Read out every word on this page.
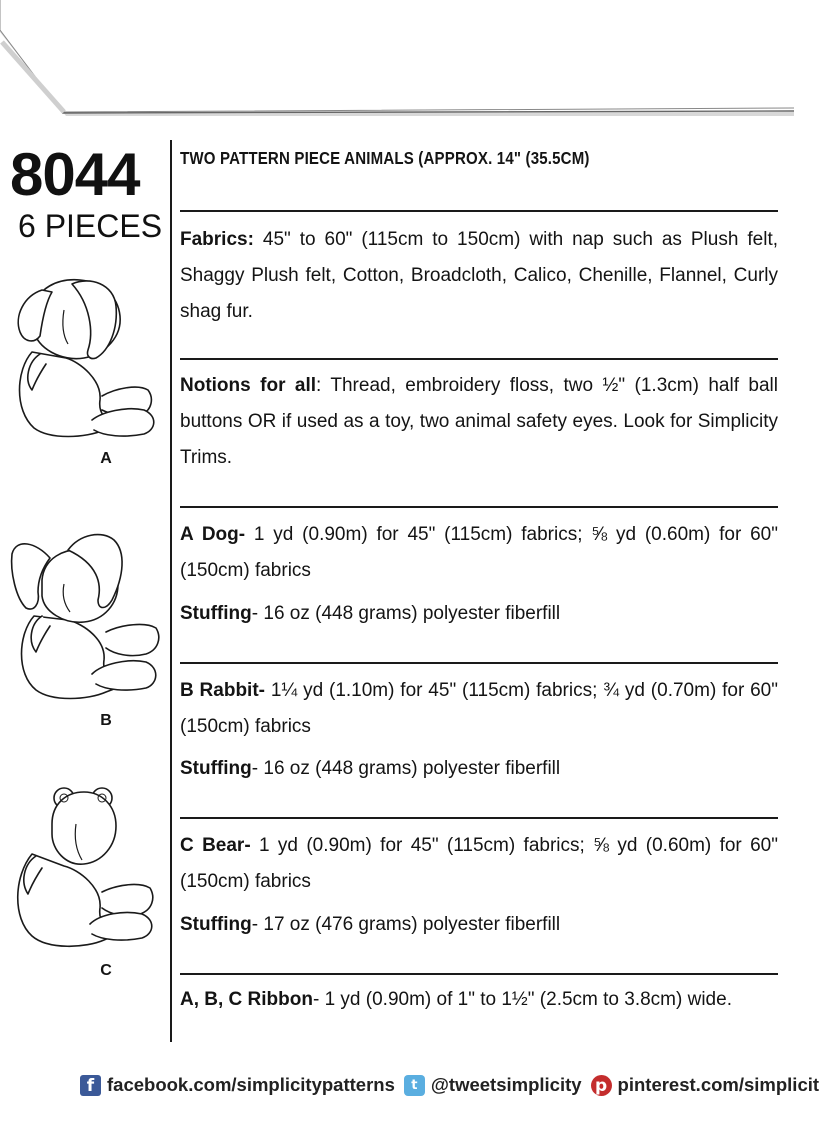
8044
6 PIECES
A
B
C
TWO PATTERN PIECE ANIMALS (APPROX. 14" (35.5CM)
Fabrics: 45" to 60" (115cm to 150cm) with nap such as Plush felt, Shaggy Plush felt, Cotton, Broadcloth, Calico, Chenille, Flannel, Curly shag fur.
Notions for all: Thread, embroidery floss, two ½" (1.3cm) half ball buttons OR if used as a toy, two animal safety eyes. Look for Simplicity Trims.
A Dog- 1 yd (0.90m) for 45" (115cm) fabrics; ⅝ yd (0.60m) for 60" (150cm) fabrics
Stuffing- 16 oz (448 grams) polyester fiberfill
B Rabbit- 1¼ yd (1.10m) for 45" (115cm) fabrics; ¾ yd (0.70m) for 60" (150cm) fabrics
Stuffing- 16 oz (448 grams) polyester fiberfill
C Bear- 1 yd (0.90m) for 45" (115cm) fabrics; ⅝ yd (0.60m) for 60" (150cm) fabrics
Stuffing- 17 oz (476 grams) polyester fiberfill
A, B, C Ribbon- 1 yd (0.90m) of 1" to 1½" (2.5cm to 3.8cm) wide.
f facebook.com/simplicitypatterns	t @tweetsimplicity p pinterest.com/simplicit
